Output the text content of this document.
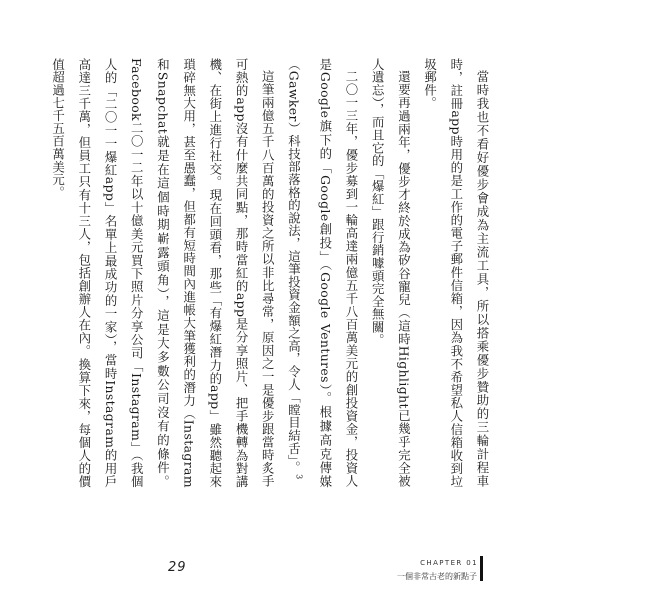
當時我也不看好優步會成為主流工具，所以搭乘優步贊助的三輪計程車時，註冊app時用的是工作的電子郵件信箱，因為我不希望私人信箱收到垃圾郵件。

還要再過兩年，優步才終於成為矽谷寵兒（這時Highlight已幾乎完全被人遺忘），而且它的「爆紅」跟行銷噱頭完全無關。

二〇一三年，優步募到一輪高達兩億五千八百萬美元的創投資金，投資人是Google旗下的「Google創投」（Google Ventures）。根據高克傳媒（Gawker）科技部落格的說法，這筆投資金額之高，令人「瞠目結舌」。$^3$

這筆兩億五千八百萬的投資之所以非比尋常，原因之一是優步跟當時炙手可熱的app沒有什麼共同點，那時當紅的app是分享照片、把手機轉為對講機、在街上進行社交。現在回頭看，那些「有爆紅潛力的app」雖然聽起來瑣碎無大用，甚至愚蠢，但都有短時間內進帳大筆獲利的潛力（Instagram和Snapchat就是在這個時期嶄露頭角），這是大多數公司沒有的條件。Facebook二〇一二年以十億美元買下照片分享公司「Instagram」（我個人的「二〇一一爆紅app」名單上最成功的一家），當時Instagram的用戶高達三千萬，但員工只有十三人，包括創辦人在內。換算下來，每個人的價值超過七千五百萬美元。

29	CHAPTER 01
一個非常古老的新點子
